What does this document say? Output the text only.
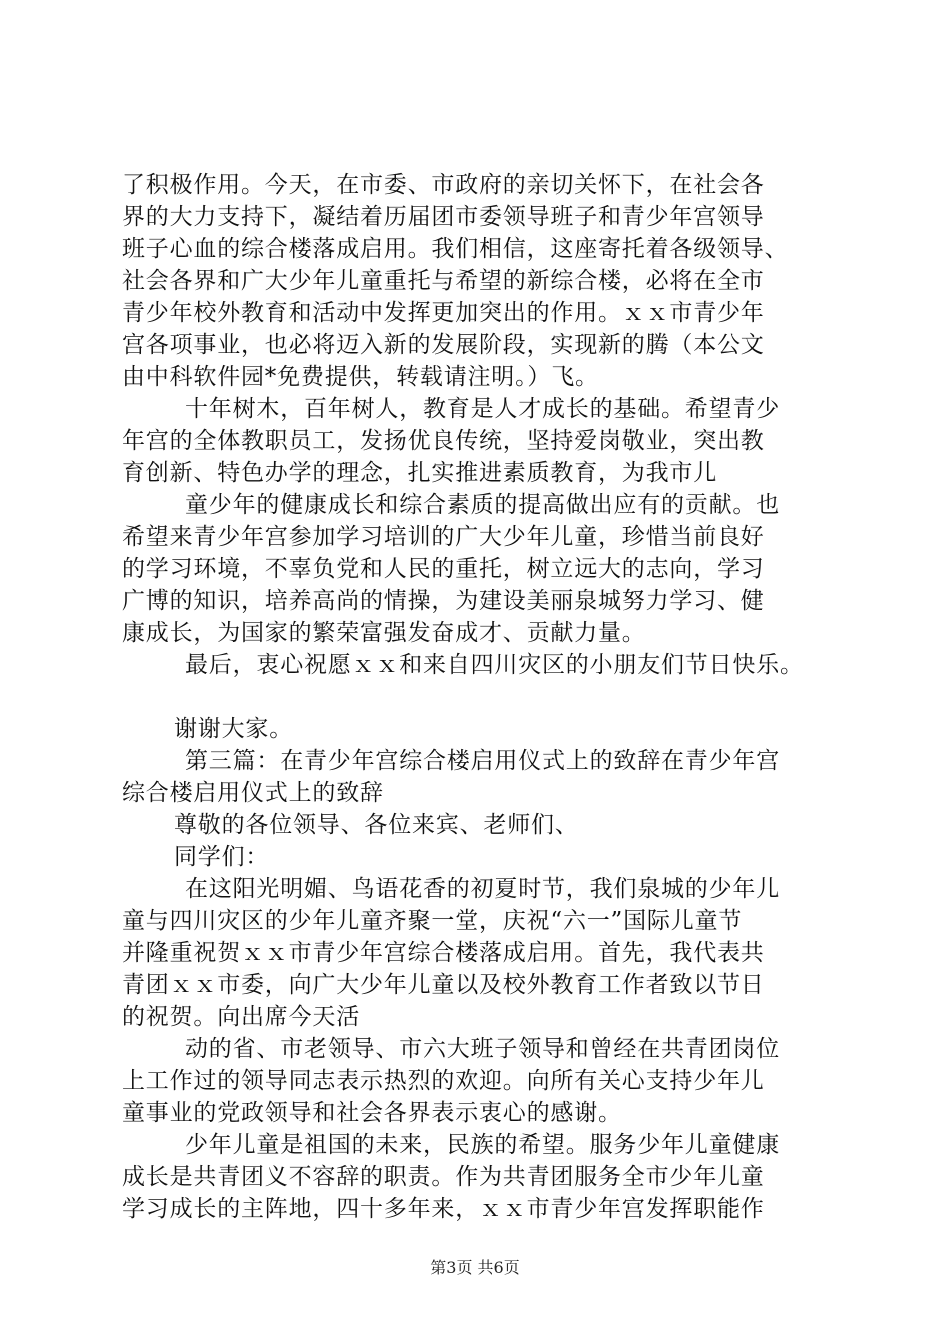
了积极作用。今天，在市委、市政府的亲切关怀下，在社会各
界的大力支持下，凝结着历届团市委领导班子和青少年宫领导
班子心血的综合楼落成启用。我们相信，这座寄托着各级领导、
社会各界和广大少年儿童重托与希望的新综合楼，必将在全市
青少年校外教育和活动中发挥更加突出的作用。ｘｘ市青少年
宫各项事业，也必将迈入新的发展阶段，实现新的腾（本公文
由中科软件园*免费提供，转载请注明。）飞。
十年树木，百年树人，教育是人才成长的基础。希望青少
年宫的全体教职员工，发扬优良传统，坚持爱岗敬业，突出教
育创新、特色办学的理念，扎实推进素质教育，为我市儿
童少年的健康成长和综合素质的提高做出应有的贡献。也
希望来青少年宫参加学习培训的广大少年儿童，珍惜当前良好
的学习环境，不辜负党和人民的重托，树立远大的志向，学习
广博的知识，培养高尚的情操，为建设美丽泉城努力学习、健
康成长，为国家的繁荣富强发奋成才、贡献力量。
最后，衷心祝愿ｘｘ和来自四川灾区的小朋友们节日快乐。
谢谢大家。
第三篇：在青少年宫综合楼启用仪式上的致辞在青少年宫
综合楼启用仪式上的致辞
尊敬的各位领导、各位来宾、老师们、
同学们：
在这阳光明媚、鸟语花香的初夏时节，我们泉城的少年儿
童与四川灾区的少年儿童齐聚一堂，庆祝“六一”国际儿童节
并隆重祝贺ｘｘ市青少年宫综合楼落成启用。首先，我代表共
青团ｘｘ市委，向广大少年儿童以及校外教育工作者致以节日
的祝贺。向出席今天活
动的省、市老领导、市六大班子领导和曾经在共青团岗位
上工作过的领导同志表示热烈的欢迎。向所有关心支持少年儿
童事业的党政领导和社会各界表示衷心的感谢。
少年儿童是祖国的未来，民族的希望。服务少年儿童健康
成长是共青团义不容辞的职责。作为共青团服务全市少年儿童
学习成长的主阵地，四十多年来，ｘｘ市青少年宫发挥职能作
第3页 共6页
